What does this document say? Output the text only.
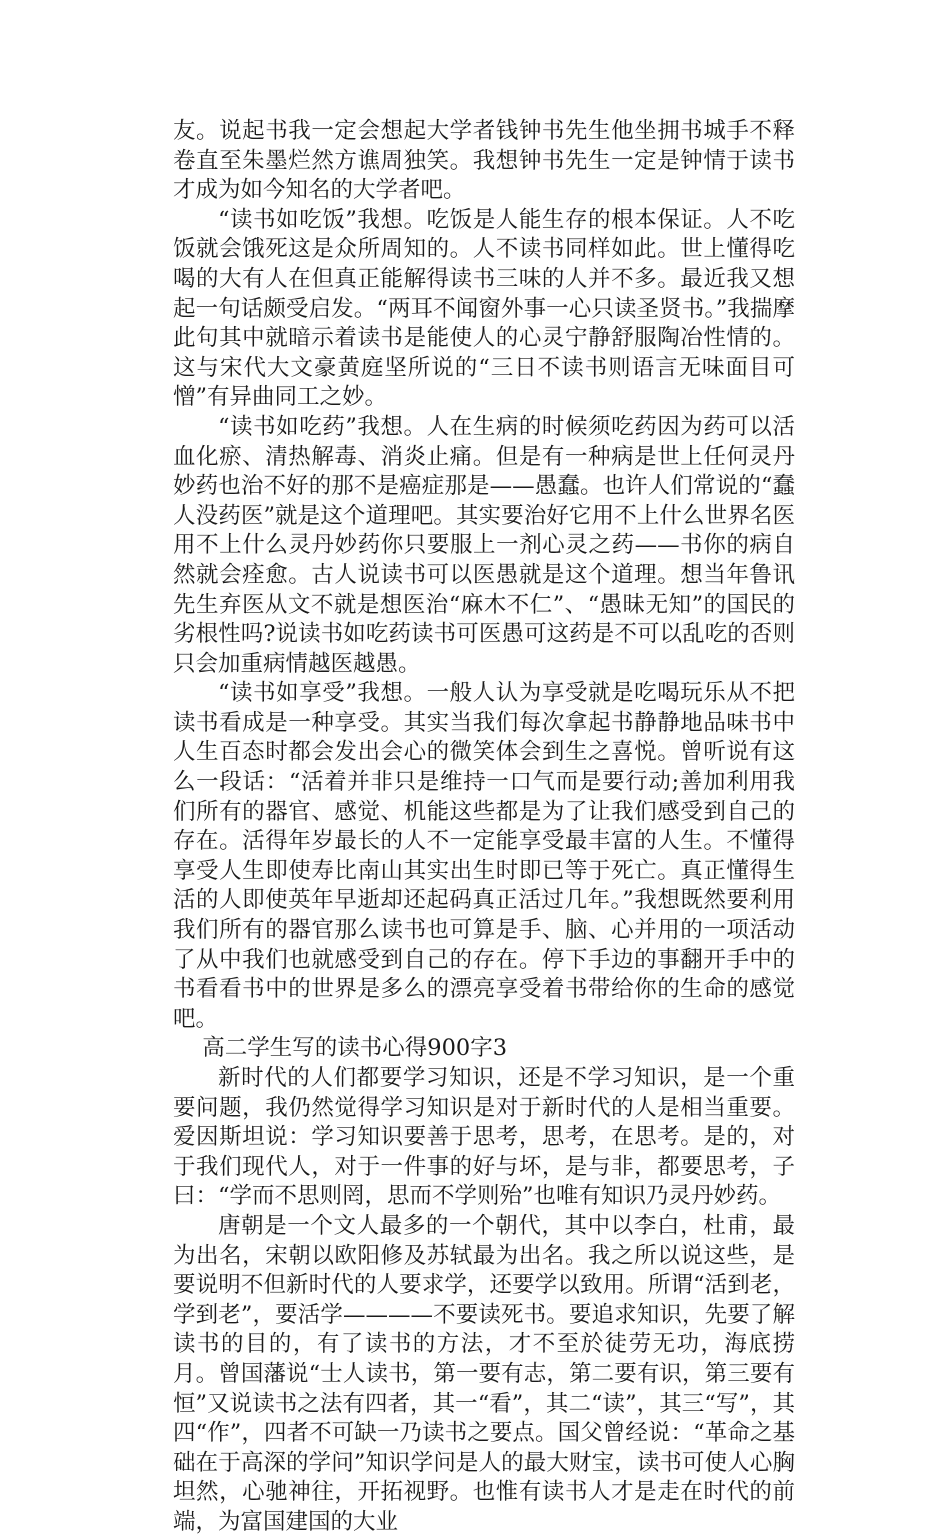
友。说起书我一定会想起大学者钱钟书先生他坐拥书城手不释卷直至朱墨烂然方谯周独笑。我想钟书先生一定是钟情于读书才成为如今知名的大学者吧。

“读书如吃饭”我想。吃饭是人能生存的根本保证。人不吃饭就会饿死这是众所周知的。人不读书同样如此。世上懂得吃喝的大有人在但真正能解得读书三味的人并不多。最近我又想起一句话颇受启发。“两耳不闻窗外事一心只读圣贤书。”我揣摩此句其中就暗示着读书是能使人的心灵宁静舒服陶冶性情的。这与宋代大文豪黄庭坚所说的“三日不读书则语言无味面目可憎”有异曲同工之妙。

“读书如吃药”我想。人在生病的时候须吃药因为药可以活血化瘀、清热解毒、消炎止痛。但是有一种病是世上任何灵丹妙药也治不好的那不是癌症那是——愚蠢。也许人们常说的“蠢人没药医”就是这个道理吧。其实要治好它用不上什么世界名医用不上什么灵丹妙药你只要服上一剂心灵之药——书你的病自然就会痊愈。古人说读书可以医愚就是这个道理。想当年鲁讯先生弃医从文不就是想医治“麻木不仁”、“愚昧无知”的国民的劣根性吗?说读书如吃药读书可医愚可这药是不可以乱吃的否则只会加重病情越医越愚。

“读书如享受”我想。一般人认为享受就是吃喝玩乐从不把读书看成是一种享受。其实当我们每次拿起书静静地品味书中人生百态时都会发出会心的微笑体会到生之喜悦。曾听说有这么一段话：“活着并非只是维持一口气而是要行动;善加利用我们所有的器官、感觉、机能这些都是为了让我们感受到自己的存在。活得年岁最长的人不一定能享受最丰富的人生。不懂得享受人生即使寿比南山其实出生时即已等于死亡。真正懂得生活的人即使英年早逝却还起码真正活过几年。”我想既然要利用我们所有的器官那么读书也可算是手、脑、心并用的一项活动了从中我们也就感受到自己的存在。停下手边的事翻开手中的书看看书中的世界是多么的漂亮享受着书带给你的生命的感觉吧。

高二学生写的读书心得900字3

新时代的人们都要学习知识，还是不学习知识，是一个重要问题，我仍然觉得学习知识是对于新时代的人是相当重要。爱因斯坦说：学习知识要善于思考，思考，在思考。是的，对于我们现代人，对于一件事的好与坏，是与非，都要思考，子曰：“学而不思则罔，思而不学则殆”也唯有知识乃灵丹妙药。

唐朝是一个文人最多的一个朝代，其中以李白，杜甫，最为出名，宋朝以欧阳修及苏轼最为出名。我之所以说这些，是要说明不但新时代的人要求学，还要学以致用。所谓“活到老，学到老”，要活学————不要读死书。要追求知识，先要了解读书的目的，有了读书的方法，才不至於徒劳无功，海底捞月。曾国藩说“士人读书，第一要有志，第二要有识，第三要有恒”又说读书之法有四者，其一“看”，其二“读”，其三“写”，其四“作”，四者不可缺一乃读书之要点。国父曾经说：“革命之基础在于高深的学问”知识学问是人的最大财宝，读书可使人心胸坦然，心驰神往，开拓视野。也惟有读书人才是走在时代的前端，为富国建国的大业
